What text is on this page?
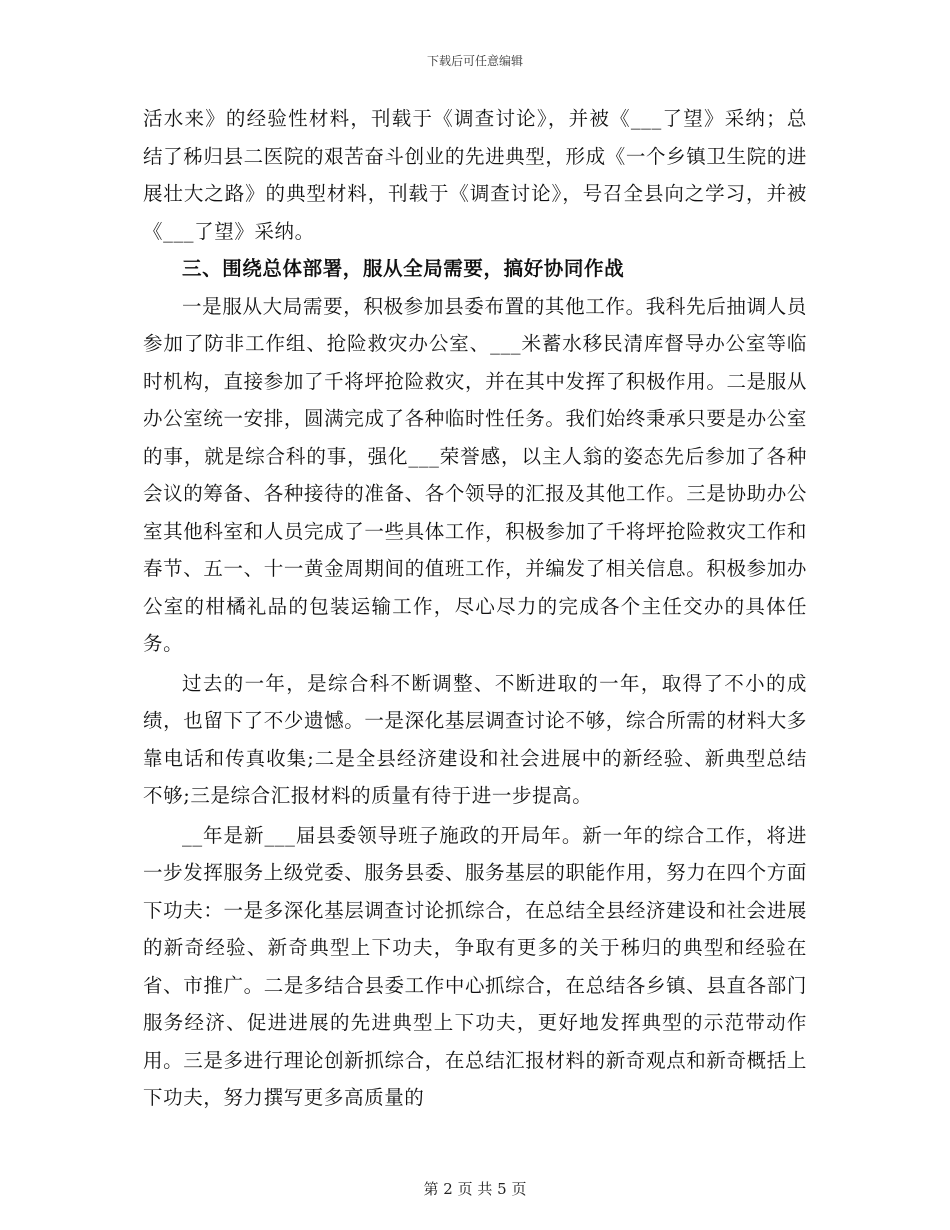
下载后可任意编辑

活水来》的经验性材料，刊载于《调查讨论》，并被《___了望》采纳；总结了秭归县二医院的艰苦奋斗创业的先进典型，形成《一个乡镇卫生院的进展壮大之路》的典型材料，刊载于《调查讨论》，号召全县向之学习，并被《___了望》采纳。

三、围绕总体部署，服从全局需要，搞好协同作战

一是服从大局需要，积极参加县委布置的其他工作。我科先后抽调人员参加了防非工作组、抢险救灾办公室、___米蓄水移民清库督导办公室等临时机构，直接参加了千将坪抢险救灾，并在其中发挥了积极作用。二是服从办公室统一安排，圆满完成了各种临时性任务。我们始终秉承只要是办公室的事，就是综合科的事，强化___荣誉感，以主人翁的姿态先后参加了各种会议的筹备、各种接待的准备、各个领导的汇报及其他工作。三是协助办公室其他科室和人员完成了一些具体工作，积极参加了千将坪抢险救灾工作和春节、五一、十一黄金周期间的值班工作，并编发了相关信息。积极参加办公室的柑橘礼品的包装运输工作，尽心尽力的完成各个主任交办的具体任务。

过去的一年，是综合科不断调整、不断进取的一年，取得了不小的成绩，也留下了不少遗憾。一是深化基层调查讨论不够，综合所需的材料大多靠电话和传真收集;二是全县经济建设和社会进展中的新经验、新典型总结不够;三是综合汇报材料的质量有待于进一步提高。

__年是新___届县委领导班子施政的开局年。新一年的综合工作，将进一步发挥服务上级党委、服务县委、服务基层的职能作用，努力在四个方面下功夫：一是多深化基层调查讨论抓综合，在总结全县经济建设和社会进展的新奇经验、新奇典型上下功夫，争取有更多的关于秭归的典型和经验在省、市推广。二是多结合县委工作中心抓综合，在总结各乡镇、县直各部门服务经济、促进进展的先进典型上下功夫，更好地发挥典型的示范带动作用。三是多进行理论创新抓综合，在总结汇报材料的新奇观点和新奇概括上下功夫，努力撰写更多高质量的

第 2 页 共 5 页
